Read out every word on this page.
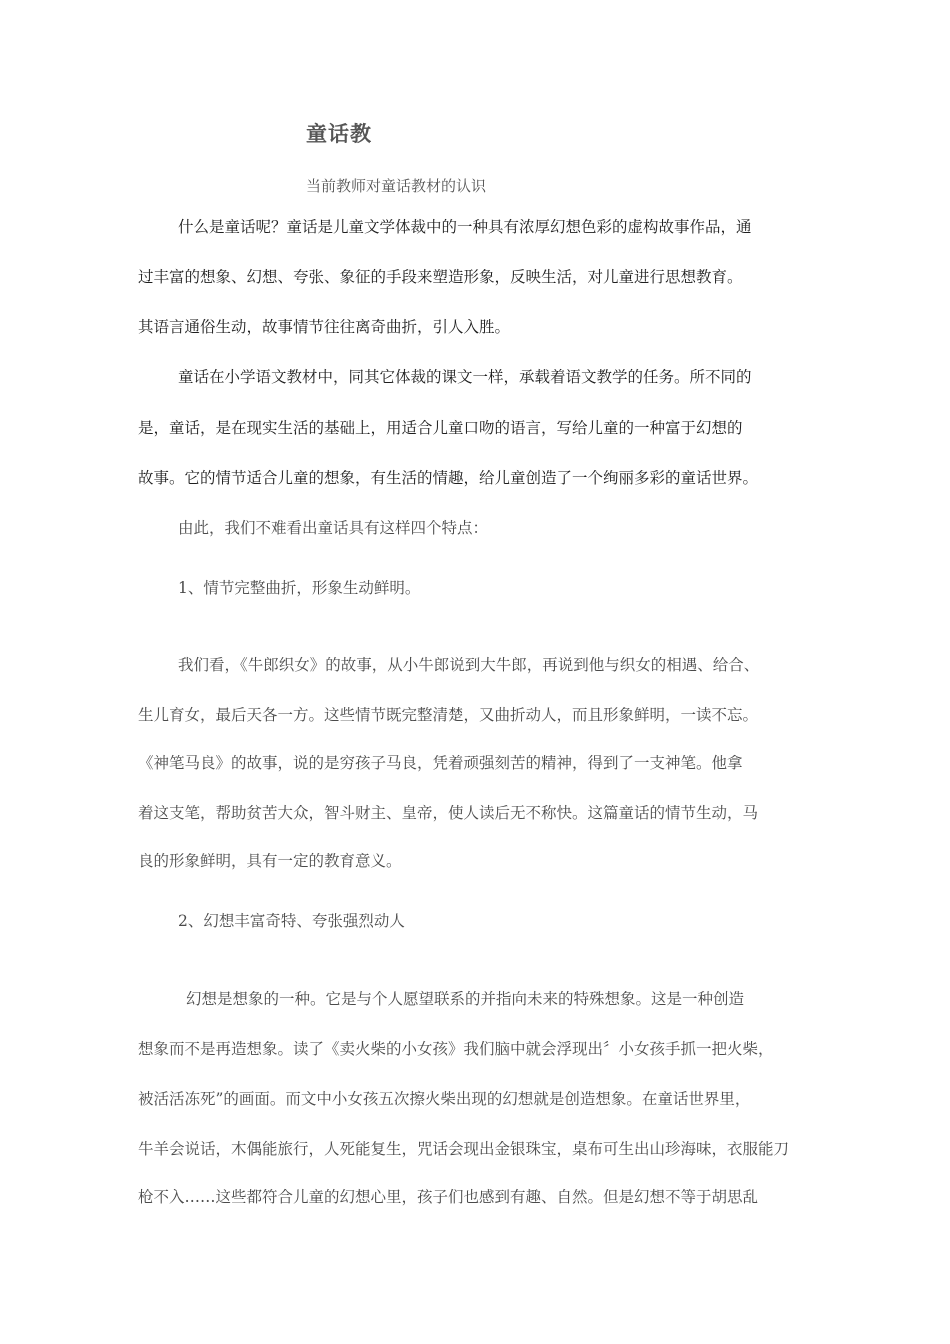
童话教

当前教师对童话教材的认识

什么是童话呢？童话是儿童文学体裁中的一种具有浓厚幻想色彩的虚构故事作品，通

过丰富的想象、幻想、夸张、象征的手段来塑造形象，反映生活，对儿童进行思想教育。

其语言通俗生动，故事情节往往离奇曲折，引人入胜。

童话在小学语文教材中，同其它体裁的课文一样，承载着语文教学的任务。所不同的

是，童话，是在现实生活的基础上，用适合儿童口吻的语言，写给儿童的一种富于幻想的

故事。它的情节适合儿童的想象，有生活的情趣，给儿童创造了一个绚丽多彩的童话世界。

由此，我们不难看出童话具有这样四个特点：

1、情节完整曲折，形象生动鲜明。

我们看，《牛郎织女》的故事，从小牛郎说到大牛郎，再说到他与织女的相遇、给合、

生儿育女，最后天各一方。这些情节既完整清楚，又曲折动人，而且形象鲜明，一读不忘。

《神笔马良》的故事，说的是穷孩子马良，凭着顽强刻苦的精神，得到了一支神笔。他拿

着这支笔，帮助贫苦大众，智斗财主、皇帝，使人读后无不称快。这篇童话的情节生动，马

良的形象鲜明，具有一定的教育意义。

2、幻想丰富奇特、夸张强烈动人

幻想是想象的一种。它是与个人愿望联系的并指向未来的特殊想象。这是一种创造

想象而不是再造想象。读了《卖火柴的小女孩》我们脑中就会浮现出〞小女孩手抓一把火柴，

被活活冻死”的画面。而文中小女孩五次擦火柴出现的幻想就是创造想象。在童话世界里，

牛羊会说话，木偶能旅行，人死能复生，咒话会现出金银珠宝，桌布可生出山珍海味，衣服能刀

枪不入……这些都符合儿童的幻想心里，孩子们也感到有趣、自然。但是幻想不等于胡思乱
